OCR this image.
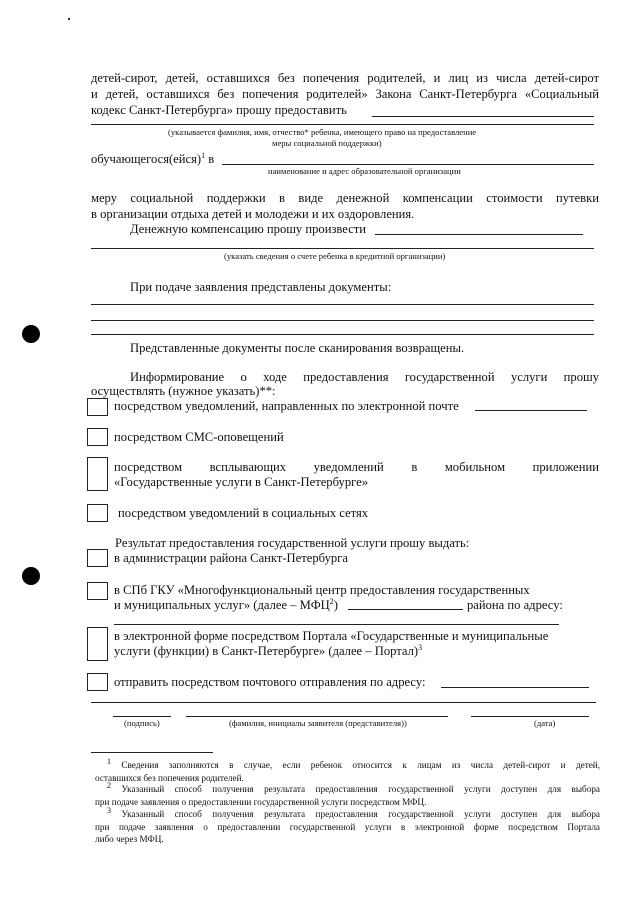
детей-сирот, детей, оставшихся без попечения родителей, и лиц из числа детей-сирот
и детей, оставшихся без попечения родителей» Закона Санкт-Петербурга «Социальный
кодекс Санкт-Петербурга» прошу предоставить
(указывается фамилия, имя, отчество* ребенка, имеющего право на предоставление
меры социальной поддержки)
обучающегося(ейся)$^1$ в
наименование и адрес образовательной организации
меру социальной поддержки в виде денежной компенсации стоимости путевки
в организации отдыха детей и молодежи и их оздоровления.
Денежную компенсацию прошу произвести
(указать сведения о счете ребенка в кредитной организации)
При подаче заявления представлены документы:
Представленные документы после сканирования возвращены.
Информирование о ходе предоставления государственной услуги прошу
осуществлять (нужное указать)**:
посредством уведомлений, направленных по электронной почте
посредством СМС-оповещений
посредством всплывающих уведомлений в мобильном приложении
«Государственные услуги в Санкт-Петербурге»
посредством уведомлений в социальных сетях
Результат предоставления государственной услуги прошу выдать:
в администрации района Санкт-Петербурга
в СПб ГКУ «Многофункциональный центр предоставления государственных
и муниципальных услуг» (далее – МФЦ$^2$)	района по адресу:
в электронной форме посредством Портала «Государственные и муниципальные
услуги (функции) в Санкт-Петербурге» (далее – Портал)$^3$
отправить посредством почтового отправления по адресу:
(подпись)	(фамилия, инициалы заявителя (представителя))	(дата)
1 Сведения заполняются в случае, если ребенок относится к лицам из числа детей-сирот и детей,
оставшихся без попечения родителей.
2 Указанный способ получения результата предоставления государственной услуги доступен для выбора
при подаче заявления о предоставлении государственной услуги посредством МФЦ.
3 Указанный способ получения результата предоставления государственной услуги доступен для выбора
при подаче заявления о предоставлении государственной услуги в электронной форме посредством Портала
либо через МФЦ.
